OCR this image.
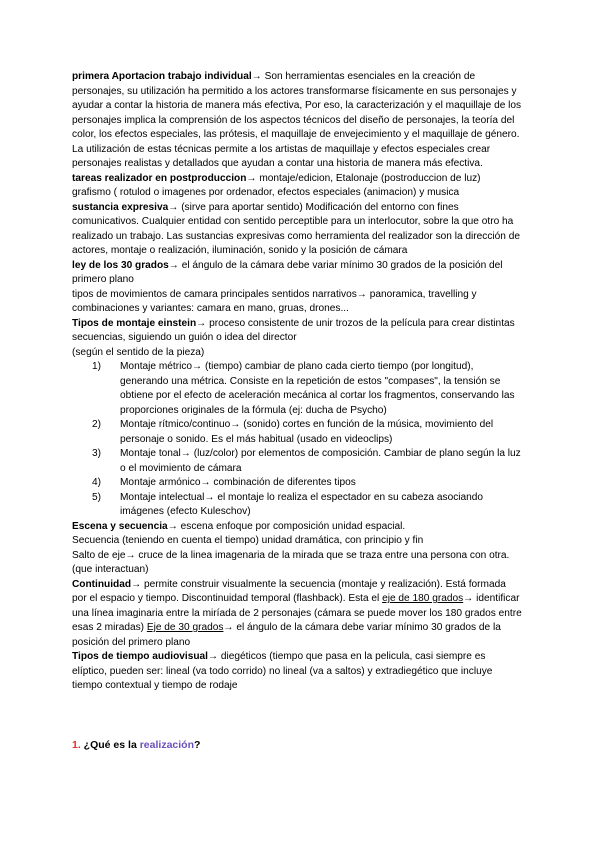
primera Aportacion trabajo individual→ Son herramientas esenciales en la creación de personajes, su utilización ha permitido a los actores transformarse físicamente en sus personajes y ayudar a contar la historia de manera más efectiva, Por eso, la caracterización y el maquillaje de los personajes implica la comprensión de los aspectos técnicos del diseño de personajes, la teoría del color, los efectos especiales, las prótesis, el maquillaje de envejecimiento y el maquillaje de género. La utilización de estas técnicas permite a los artistas de maquillaje y efectos especiales crear personajes realistas y detallados que ayudan a contar una historia de manera más efectiva.

tareas realizador en postproduccion→ montaje/edicion, Etalonaje (postroduccion de luz) grafismo ( rotulod o imagenes por ordenador, efectos especiales (animacion) y musica

sustancia expresiva→ (sirve para aportar sentido) Modificación del entorno con fines comunicativos. Cualquier entidad con sentido perceptible para un interlocutor, sobre la que otro ha realizado un trabajo. Las sustancias expresivas como herramienta del realizador son la dirección de actores, montaje o realización, iluminación, sonido y la posición de cámara

ley de los 30 grados→ el ángulo de la cámara debe variar mínimo 30 grados de la posición del primero plano

tipos de movimientos de camara principales sentidos narrativos→ panoramica, travelling y combinaciones y variantes: camara en mano, gruas, drones...

Tipos de montaje einstein→ proceso consistente de unir trozos de la película para crear distintas secuencias, siguiendo un guión o idea del director

(según el sentido de la pieza)

1) Montaje métrico→ (tiempo) cambiar de plano cada cierto tiempo (por longitud), generando una métrica. Consiste en la repetición de estos "compases", la tensión se obtiene por el efecto de aceleración mecánica al cortar los fragmentos, conservando las proporciones originales de la fórmula (ej: ducha de Psycho)
2) Montaje rítmico/continuo→ (sonido) cortes en función de la música, movimiento del personaje o sonido. Es el más habitual (usado en videoclips)
3) Montaje tonal→ (luz/color) por elementos de composición. Cambiar de plano según la luz o el movimiento de cámara
4) Montaje armónico→ combinación de diferentes tipos
5) Montaje intelectual→ el montaje lo realiza el espectador en su cabeza asociando imágenes (efecto Kuleschov)

Escena y secuencia→ escena enfoque por composición unidad espacial.

Secuencia (teniendo en cuenta el tiempo) unidad dramática, con principio y fin

Salto de eje→ cruce de la linea imagenaria de la mirada que se traza entre una persona con otra. (que interactuan)

Continuidad→ permite construir visualmente la secuencia (montaje y realización). Está formada por el espacio y tiempo. Discontinuidad temporal (flashback). Esta el eje de 180 grados→ identificar una línea imaginaria entre la miríada de 2 personajes (cámara se puede mover los 180 grados entre esas 2 miradas) Eje de 30 grados→ el ángulo de la cámara debe variar mínimo 30 grados de la posición del primero plano

Tipos de tiempo audiovisual→ diegéticos (tiempo que pasa en la pelicula, casi siempre es elíptico, pueden ser: lineal (va todo corrido) no lineal (va a saltos) y extradiegético que incluye tiempo contextual y tiempo de rodaje

1. ¿Qué es la realización?
